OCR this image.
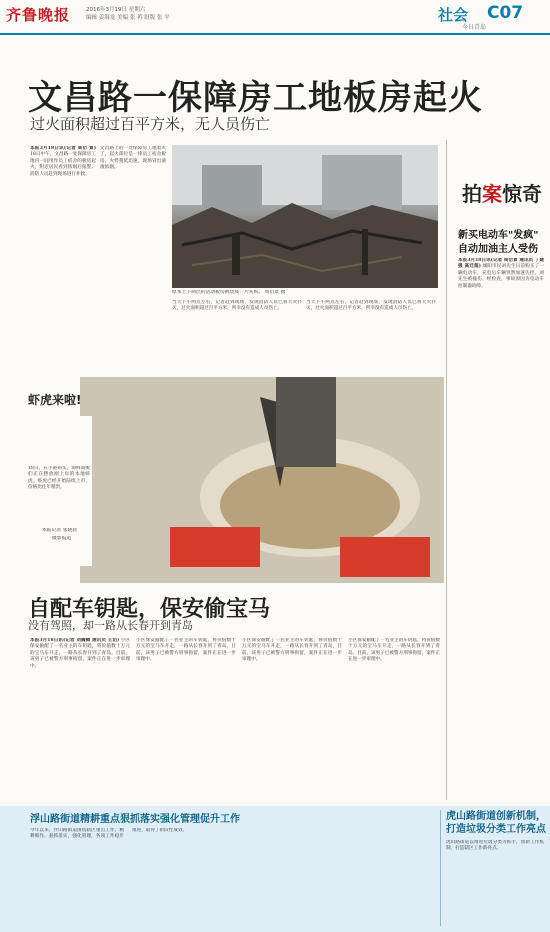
齐鲁晚报	2016年3月19日 星期六
编辑 姜海龙 美编 张 苒 组版 张 平	社会 C07
今日青岛
文昌路一保障房工地板房起火
过火面积超过百平方米，无人员伤亡
本报3月18日讯(记者 周衍 景) 18日中午，文昌路一处保障房工地内一间用作员工宿舍的板房起火，附近居民看到浓烟后报警。消防人员赶到现场进行扑救。
文昌路上的一处保障房工地着火了，起火部位是一排员工宿舍板房，火势蔓延迅速，现场冒出滚滚浓烟。
原本上下两层的活动板房被烧成一片灰烬。 周衍景 摄
当天下午两点左右，记者赶到现场，发现消防人员已将大火扑灭，过火面积超过百平方米，所幸没有造成人员伤亡。
当天下午两点左右，记者赶到现场，发现消防人员已将大火扑灭，过火面积超过百平方米，所幸没有造成人员伤亡。
拍案惊奇
新买电动车"发疯"
自动加油主人受伤
本报3月18日讯(记者 周衍景 通讯员 丁建强 高迁超) 城阳市民刘先生日前购买了一辆电动车，充电后车辆突然加速失控，刘先生被撞伤。经检查，事故原因为电动车控制器故障。
虾虎来啦!
18日，在小港码头，海鲜商贩们正在摆放刚上岸的本地虾虎。虾虎已经开始陆续上市，价格比往年稍贵。
本报记者 张晓晨
摄影报道
自配车钥匙，保安偷宝马
没有驾照，却一路从长春开到青岛
本报3月18日讯(记者 刘腾腾 通讯员 王迅) 小区保安偷配了一名业主的车钥匙，将价值数十万元的宝马车开走，一路从长春开到了青岛。目前，该男子已被警方刑事拘留，案件正在进一步审理中。
小区保安偷配了一名业主的车钥匙，将价值数十万元的宝马车开走，一路从长春开到了青岛。目前，该男子已被警方刑事拘留，案件正在进一步审理中。
小区保安偷配了一名业主的车钥匙，将价值数十万元的宝马车开走，一路从长春开到了青岛。目前，该男子已被警方刑事拘留，案件正在进一步审理中。
小区保安偷配了一名业主的车钥匙，将价值数十万元的宝马车开走，一路从长春开到了青岛。目前，该男子已被警方刑事拘留，案件正在进一步审理中。
浮山路街道精耕重点狠抓落实强化管理促升工作	虎山路街道创新机制，打造垃圾分类工作亮点
今年以来，浮山路街道围绕辖区重点工作，精耕细作，狠抓落实，强化管理，各项工作稳步推进，取得了阶段性成效。
虎山路街道以推进垃圾分类为抓手，创新工作机制，打造辖区工作新亮点。
